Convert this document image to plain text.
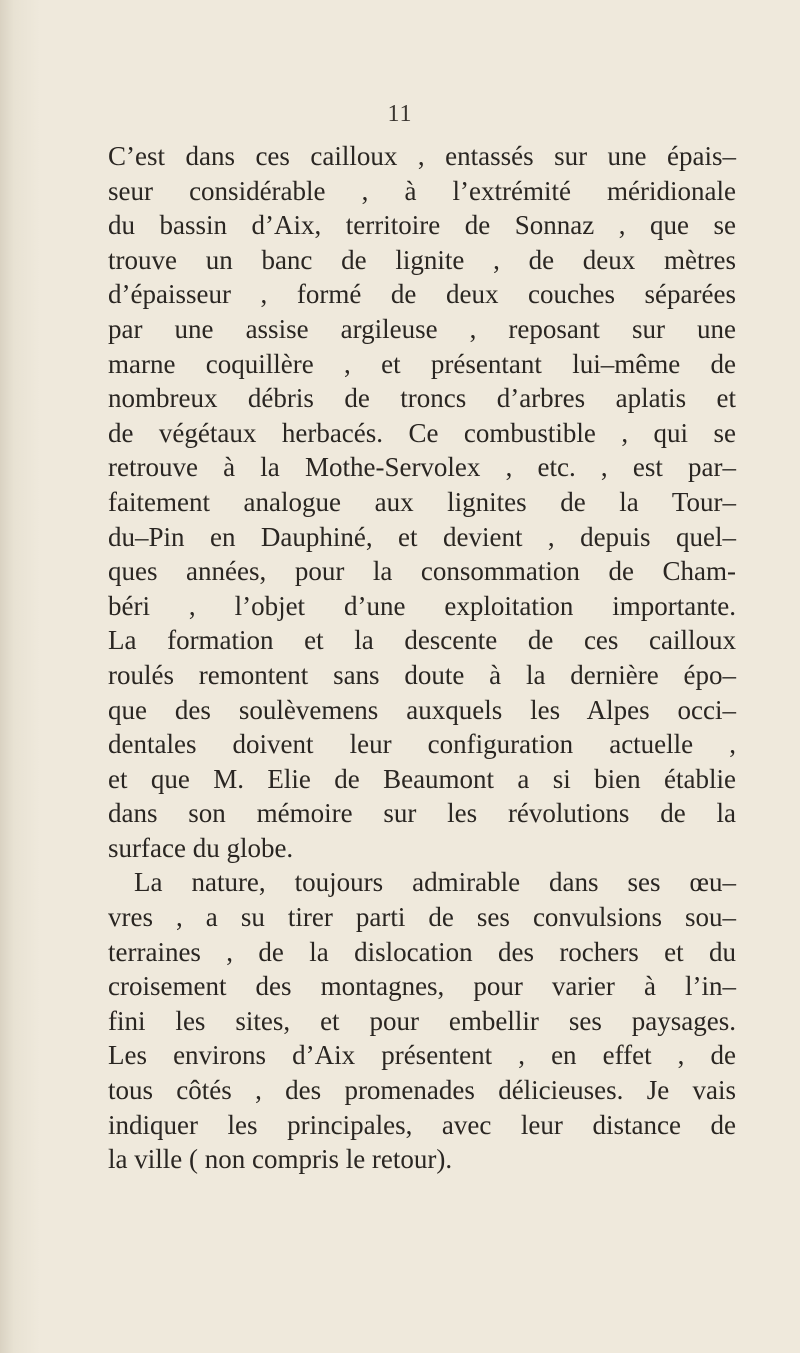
11
C’est dans ces cailloux , entassés sur une épais–
seur considérable , à l’extrémité méridionale
du bassin d’Aix, territoire de Sonnaz , que se
trouve un banc de lignite , de deux mètres
d’épaisseur , formé de deux couches séparées
par une assise argileuse , reposant sur une
marne coquillère , et présentant lui–même de
nombreux débris de troncs d’arbres aplatis et
de végétaux herbacés. Ce combustible , qui se
retrouve à la Mothe-Servolex , etc. , est par–
faitement analogue aux lignites de la Tour–
du–Pin en Dauphiné, et devient , depuis quel–
ques années, pour la consommation de Cham-
béri , l’objet d’une exploitation importante.
La formation et la descente de ces cailloux
roulés remontent sans doute à la dernière épo–
que des soulèvemens auxquels les Alpes occi–
dentales doivent leur configuration actuelle ,
et que M. Elie de Beaumont a si bien établie
dans son mémoire sur les révolutions de la
surface du globe.
La nature, toujours admirable dans ses œu–
vres , a su tirer parti de ses convulsions sou–
terraines , de la dislocation des rochers et du
croisement des montagnes, pour varier à l’in–
fini les sites, et pour embellir ses paysages.
Les environs d’Aix présentent , en effet , de
tous côtés , des promenades délicieuses. Je vais
indiquer les principales, avec leur distance de
la ville ( non compris le retour).
